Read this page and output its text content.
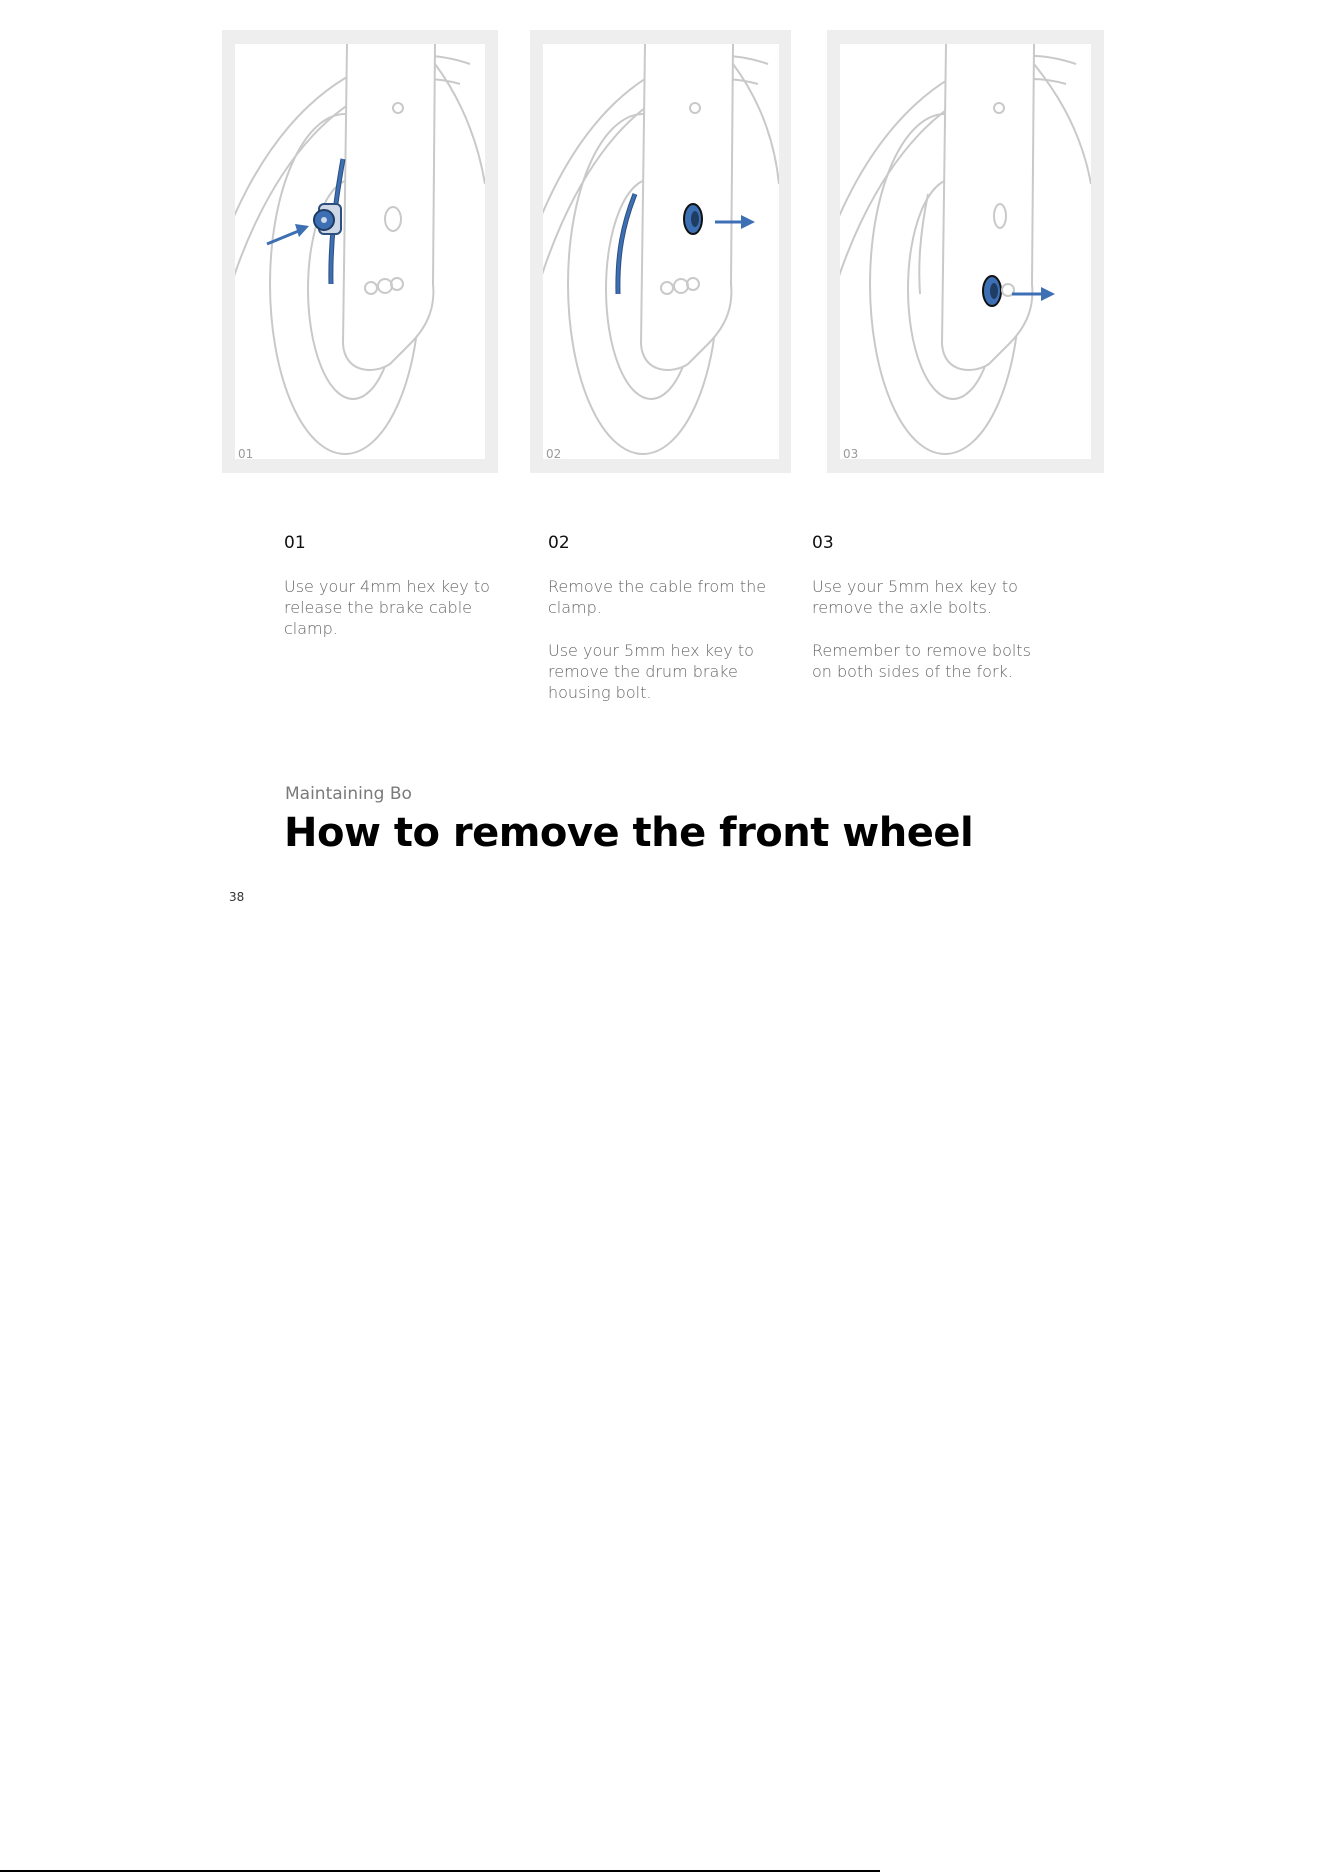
01	02	03
01

Use your 4mm hex key to release the brake cable clamp.

02

Remove the cable from the clamp.

Use your 5mm hex key to remove the drum brake housing bolt.

03

Use your 5mm hex key to remove the axle bolts.

Remember to remove bolts on both sides of the fork.

Maintaining Bo
How to remove the front wheel
38
